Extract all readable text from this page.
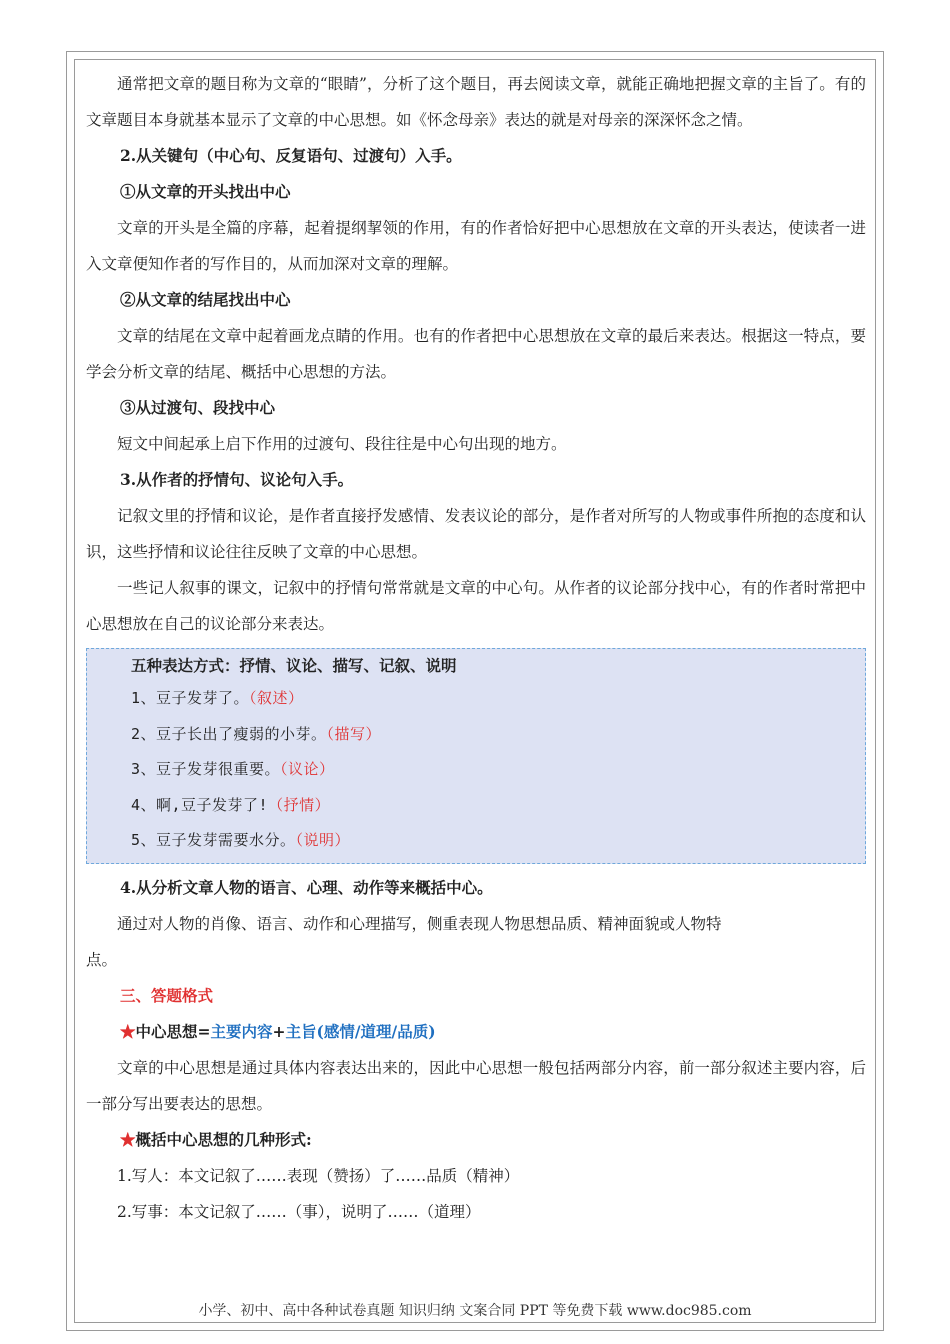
通常把文章的题目称为文章的“眼睛”，分析了这个题目，再去阅读文章，就能正确地把握文章的主旨了。有的文章题目本身就基本显示了文章的中心思想。如《怀念母亲》表达的就是对母亲的深深怀念之情。

2.从关键句（中心句、反复语句、过渡句）入手。

①从文章的开头找出中心

文章的开头是全篇的序幕，起着提纲挈领的作用，有的作者恰好把中心思想放在文章的开头表达，使读者一进入文章便知作者的写作目的，从而加深对文章的理解。

②从文章的结尾找出中心

文章的结尾在文章中起着画龙点睛的作用。也有的作者把中心思想放在文章的最后来表达。根据这一特点，要学会分析文章的结尾、概括中心思想的方法。

③从过渡句、段找中心

短文中间起承上启下作用的过渡句、段往往是中心句出现的地方。

3.从作者的抒情句、议论句入手。

记叙文里的抒情和议论，是作者直接抒发感情、发表议论的部分，是作者对所写的人物或事件所抱的态度和认识，这些抒情和议论往往反映了文章的中心思想。

一些记人叙事的课文，记叙中的抒情句常常就是文章的中心句。从作者的议论部分找中心，有的作者时常把中心思想放在自己的议论部分来表达。

五种表达方式：抒情、议论、描写、记叙、说明
1、豆子发芽了。（叙述）
2、豆子长出了瘦弱的小芽。（描写）
3、豆子发芽很重要。（议论）
4、啊,豆子发芽了!（抒情）
5、豆子发芽需要水分。（说明）

4.从分析文章人物的语言、心理、动作等来概括中心。

通过对人物的肖像、语言、动作和心理描写，侧重表现人物思想品质、精神面貌或人物特

点。

三、答题格式

★中心思想=主要内容+主旨(感情/道理/品质)

文章的中心思想是通过具体内容表达出来的，因此中心思想一般包括两部分内容，前一部分叙述主要内容，后一部分写出要表达的思想。

★概括中心思想的几种形式:

1.写人：本文记叙了……表现（赞扬）了……品质（精神）

2.写事：本文记叙了……（事），说明了……（道理）

小学、初中、高中各种试卷真题 知识归纳 文案合同 PPT 等免费下载 www.doc985.com
